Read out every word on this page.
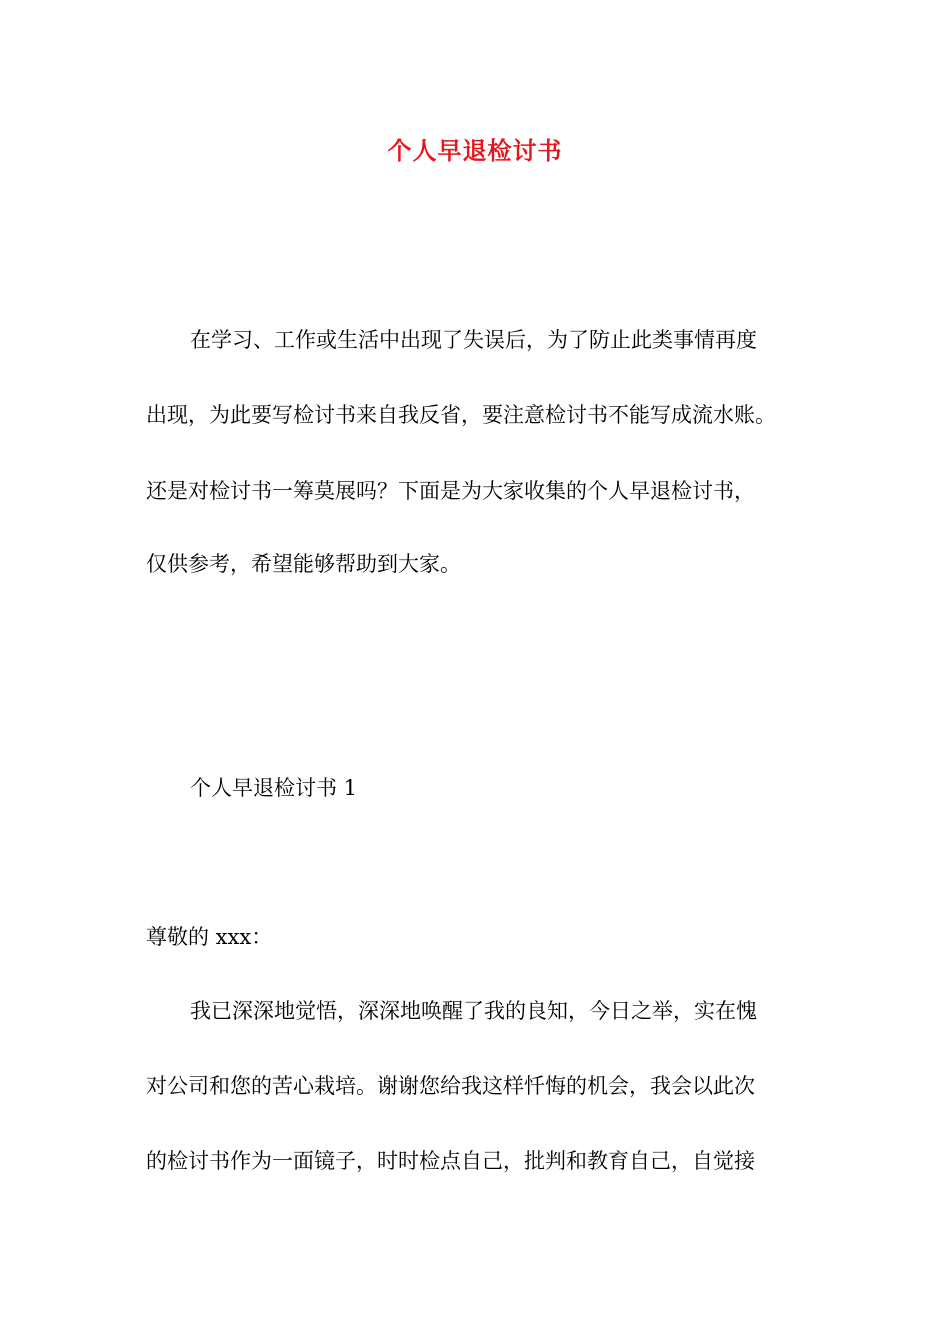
个人早退检讨书
在学习、工作或生活中出现了失误后，为了防止此类事情再度
出现，为此要写检讨书来自我反省，要注意检讨书不能写成流水账。
还是对检讨书一筹莫展吗？下面是为大家收集的个人早退检讨书，
仅供参考，希望能够帮助到大家。
个人早退检讨书 1
尊敬的 xxx：
我已深深地觉悟，深深地唤醒了我的良知，今日之举，实在愧
对公司和您的苦心栽培。谢谢您给我这样忏悔的机会，我会以此次
的检讨书作为一面镜子，时时检点自己，批判和教育自己，自觉接
